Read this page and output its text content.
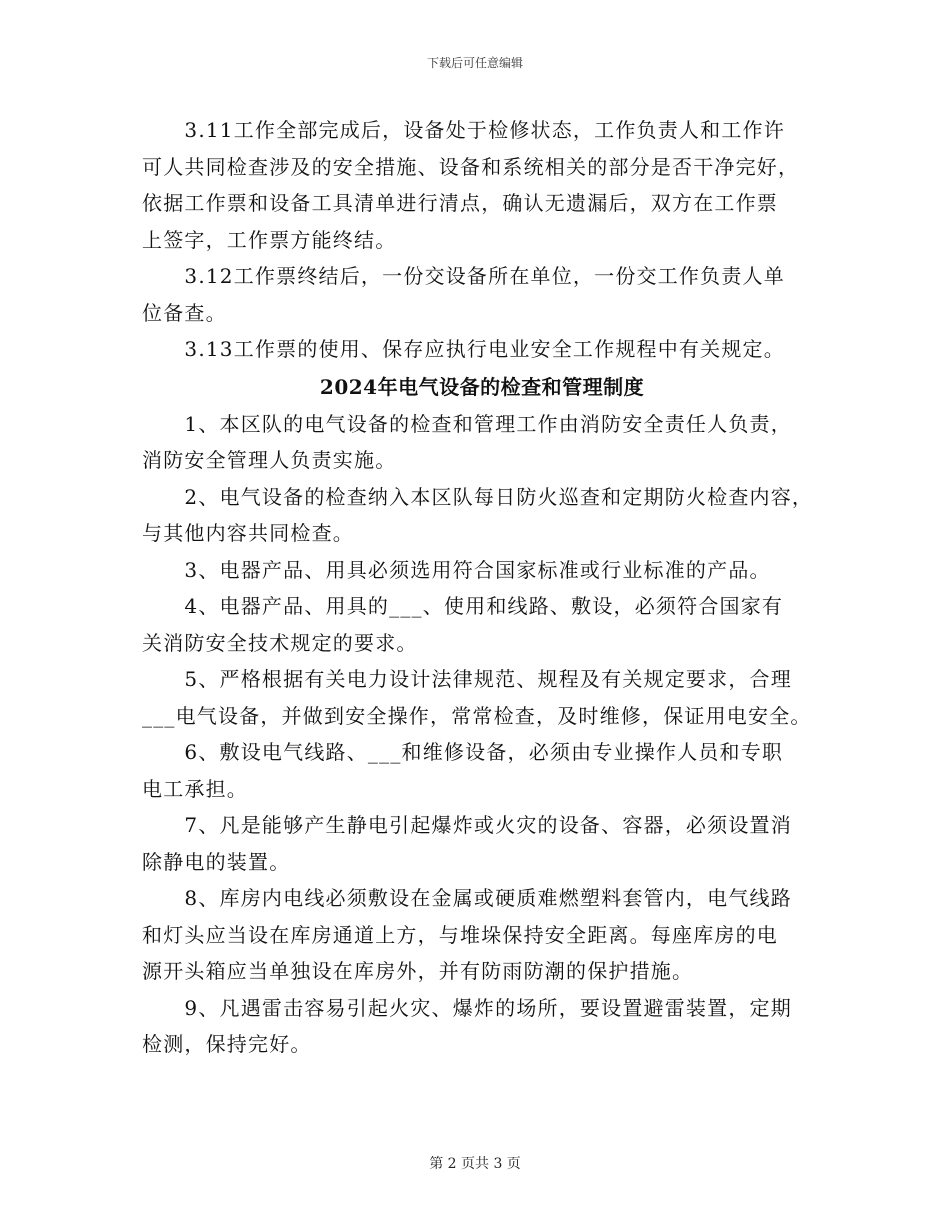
下载后可任意编辑

　　3.11工作全部完成后，设备处于检修状态，工作负责人和工作许
可人共同检查涉及的安全措施、设备和系统相关的部分是否干净完好，
依据工作票和设备工具清单进行清点，确认无遗漏后，双方在工作票
上签字，工作票方能终结。

　　3.12工作票终结后，一份交设备所在单位，一份交工作负责人单
位备查。

　　3.13工作票的使用、保存应执行电业安全工作规程中有关规定。

2024年电气设备的检查和管理制度

　　1、本区队的电气设备的检查和管理工作由消防安全责任人负责，
消防安全管理人负责实施。

　　2、电气设备的检查纳入本区队每日防火巡查和定期防火检查内容，
与其他内容共同检查。

　　3、电器产品、用具必须选用符合国家标准或行业标准的产品。

　　4、电器产品、用具的___、使用和线路、敷设，必须符合国家有
关消防安全技术规定的要求。

　　5、严格根据有关电力设计法律规范、规程及有关规定要求，合理
___电气设备，并做到安全操作，常常检查，及时维修，保证用电安全。

　　6、敷设电气线路、___和维修设备，必须由专业操作人员和专职
电工承担。

　　7、凡是能够产生静电引起爆炸或火灾的设备、容器，必须设置消
除静电的装置。

　　8、库房内电线必须敷设在金属或硬质难燃塑料套管内，电气线路
和灯头应当设在库房通道上方，与堆垛保持安全距离。每座库房的电
源开头箱应当单独设在库房外，并有防雨防潮的保护措施。

　　9、凡遇雷击容易引起火灾、爆炸的场所，要设置避雷装置，定期
检测，保持完好。

第 2 页共 3 页
